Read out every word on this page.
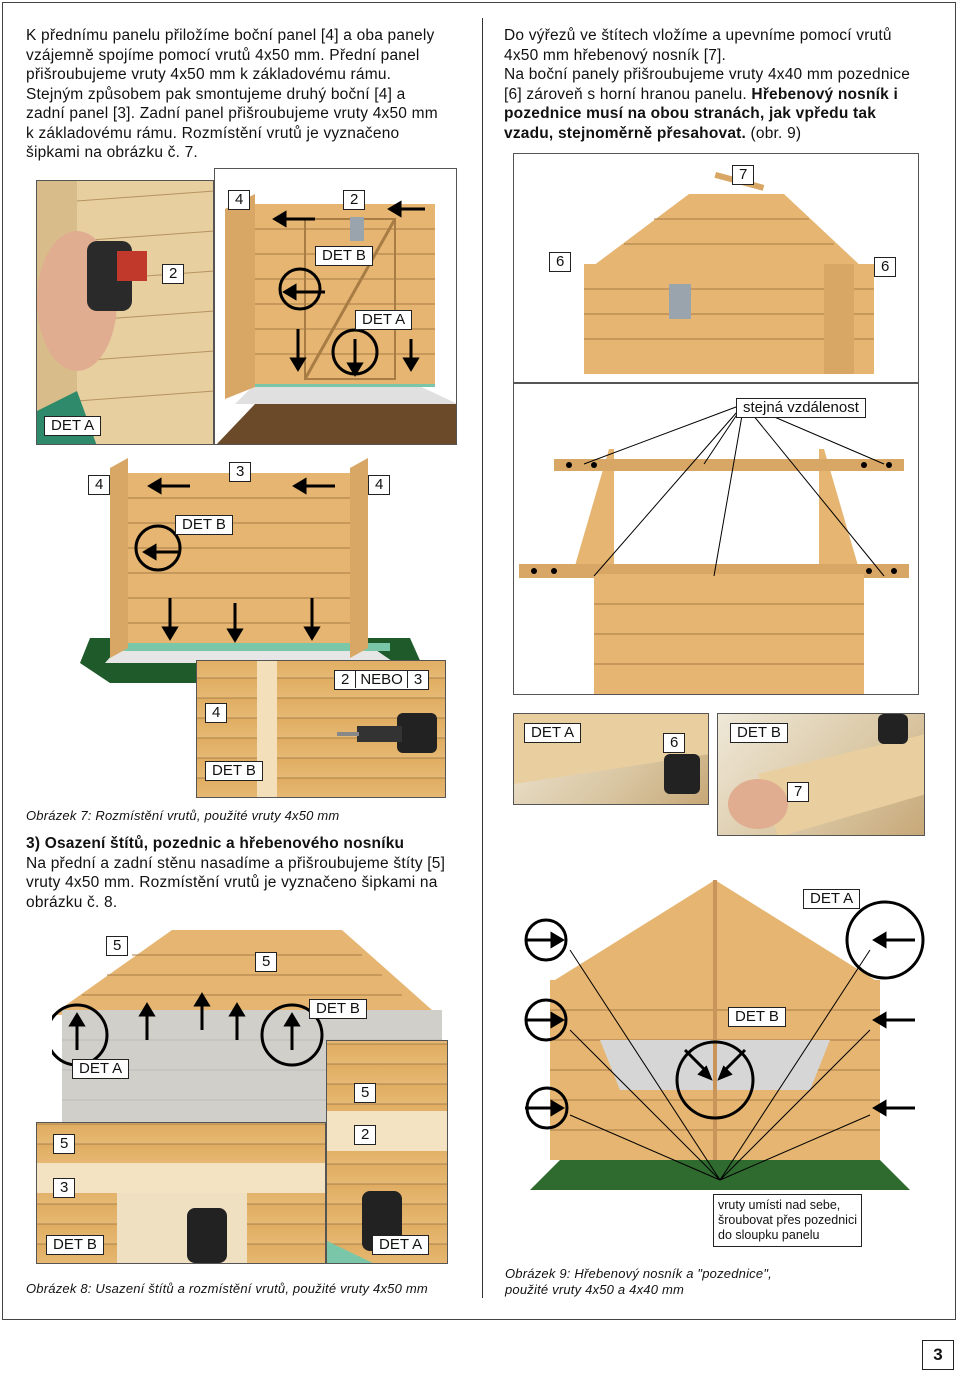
K přednímu panelu přiložíme boční panel [4] a oba panely
vzájemně spojíme pomocí vrutů 4x50 mm. Přední panel
přišroubujeme vruty 4x50 mm k základovému rámu.
Stejným způsobem pak smontujeme druhý boční [4] a
zadní panel [3]. Zadní panel přišroubujeme vruty 4x50 mm
k základovému rámu. Rozmístění vrutů je vyznačeno
šipkami na obrázku č. 7.
Do výřezů ve štítech vložíme a upevníme pomocí vrutů
4x50 mm hřebenový nosník [7].
Na boční panely přišroubujeme vruty 4x40 mm pozednice
[6] zároveň s horní hranou panelu. Hřebenový nosník i
pozednice musí na obou stranách, jak vpředu tak
vzadu, stejnoměrně přesahovat. (obr. 9)
4	2
2
DET B
DET A
DET A
4
3
4
DET B
2 NEBO 3
4
DET B
Obrázek 7: Rozmístění vrutů, použité vruty 4x50 mm
3) Osazení štítů, pozednic a hřebenového nosníku
Na přední a zadní stěnu nasadíme a přišroubujeme štíty [5]
vruty 4x50 mm. Rozmístění vrutů je vyznačeno šipkami na
obrázku č. 8.
5
5
DET B
DET A
5
5
2
3
DET B	DET A
Obrázek 8: Usazení štítů a rozmístění vrutů, použité vruty 4x50 mm
7
6	6
stejná vzdálenost
DET A
6
DET B
7
DET A
DET B
vruty umísti nad sebe,
šroubovat přes pozednici
do sloupku panelu
Obrázek 9: Hřebenový nosník a "pozednice",
použité vruty 4x50 a 4x40 mm
3
